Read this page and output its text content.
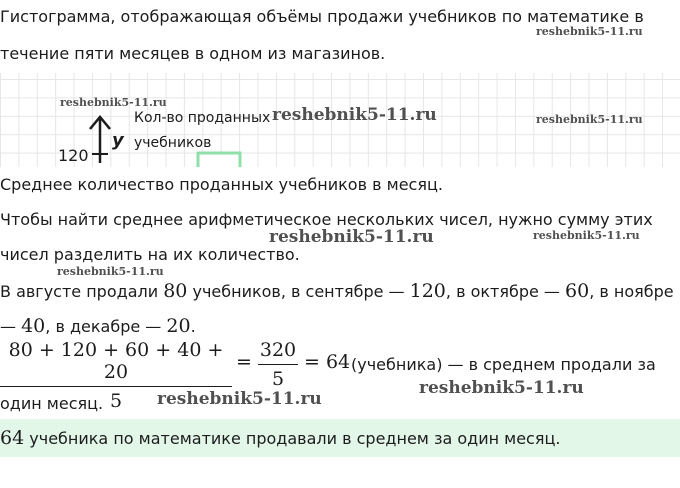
Гистограмма, отображающая объёмы продажи учебников по математике в
течение пяти месяцев в одном из магазинов.
y
Кол-во проданных
учебников
120
Среднее количество проданных учебников в месяц.
Чтобы найти среднее арифметическое нескольких чисел, нужно сумму этих
чисел разделить на их количество.
В августе продали 80 учебников, в сентябре — 120, в октябре — 60, в ноябре
— 40, в декабре — 20.
80 + 120 + 60 + 40 + 20
5
=
320
5
= 64 (учебника) — в среднем продали за
один месяц.
64 учебника по математике продавали в среднем за один месяц.
reshebnik5-11.ru
reshebnik5-11.ru
reshebnik5-11.ru	reshebnik5-11.ru
reshebnik5-11.ru	reshebnik5-11.ru
reshebnik5-11.ru
reshebnik5-11.ru
reshebnik5-11.ru
